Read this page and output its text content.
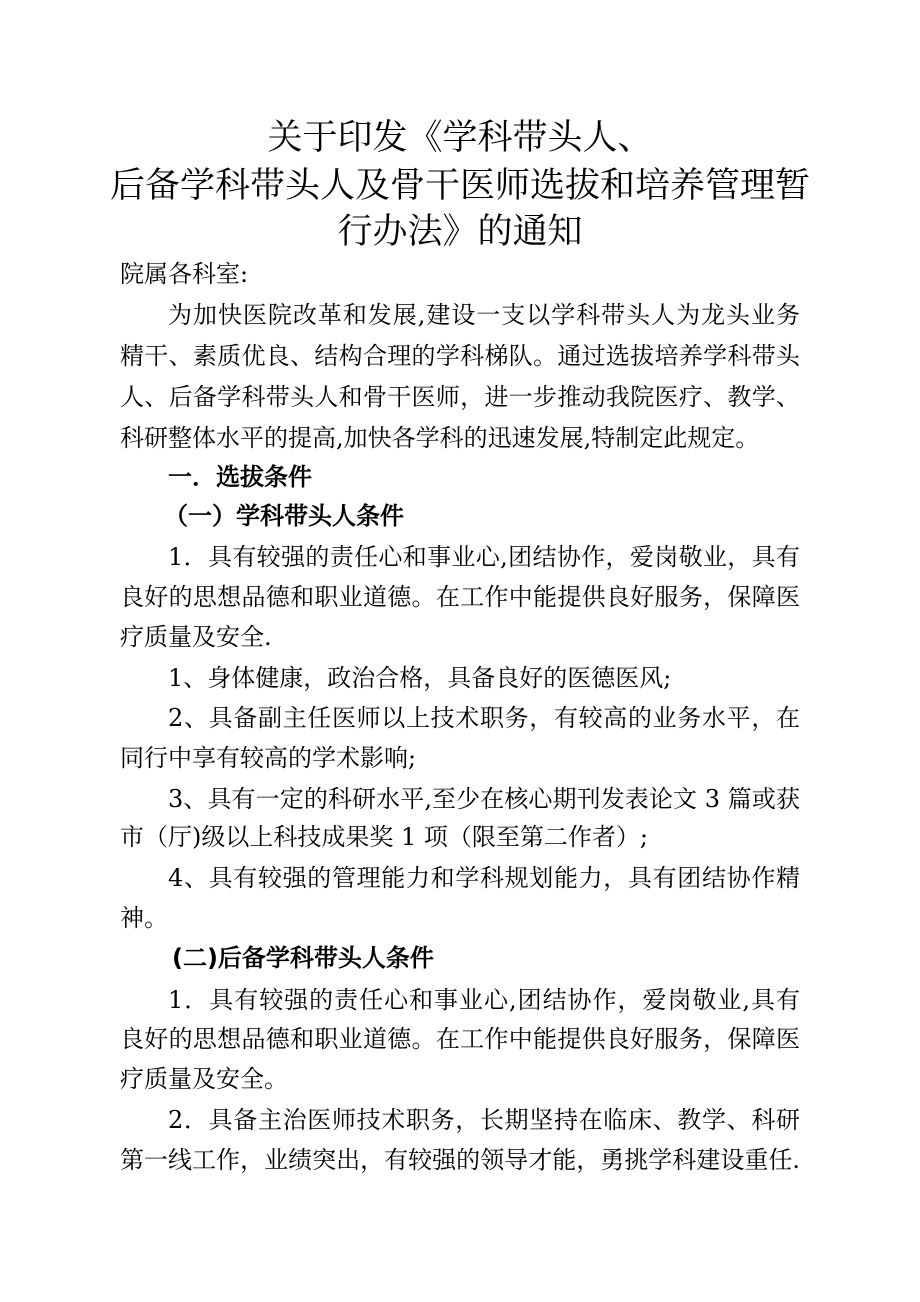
关于印发《学科带头人、
后备学科带头人及骨干医师选拔和培养管理暂
行办法》的通知
院属各科室:
为加快医院改革和发展,建设一支以学科带头人为龙头业务
精干、素质优良、结构合理的学科梯队。通过选拔培养学科带头
人、后备学科带头人和骨干医师，进一步推动我院医疗、教学、
科研整体水平的提高,加快各学科的迅速发展,特制定此规定。
一．选拔条件
（一）学科带头人条件
1．具有较强的责任心和事业心,团结协作，爱岗敬业，具有
良好的思想品德和职业道德。在工作中能提供良好服务，保障医
疗质量及安全.
1、身体健康，政治合格，具备良好的医德医风;
2、具备副主任医师以上技术职务，有较高的业务水平，在
同行中享有较高的学术影响;
3、具有一定的科研水平,至少在核心期刊发表论文 3 篇或获
市（厅)级以上科技成果奖 1 项（限至第二作者）;
4、具有较强的管理能力和学科规划能力，具有团结协作精
神。
(二)后备学科带头人条件
1．具有较强的责任心和事业心,团结协作，爱岗敬业,具有
良好的思想品德和职业道德。在工作中能提供良好服务，保障医
疗质量及安全。
2．具备主治医师技术职务，长期坚持在临床、教学、科研
第一线工作，业绩突出，有较强的领导才能，勇挑学科建设重任.
